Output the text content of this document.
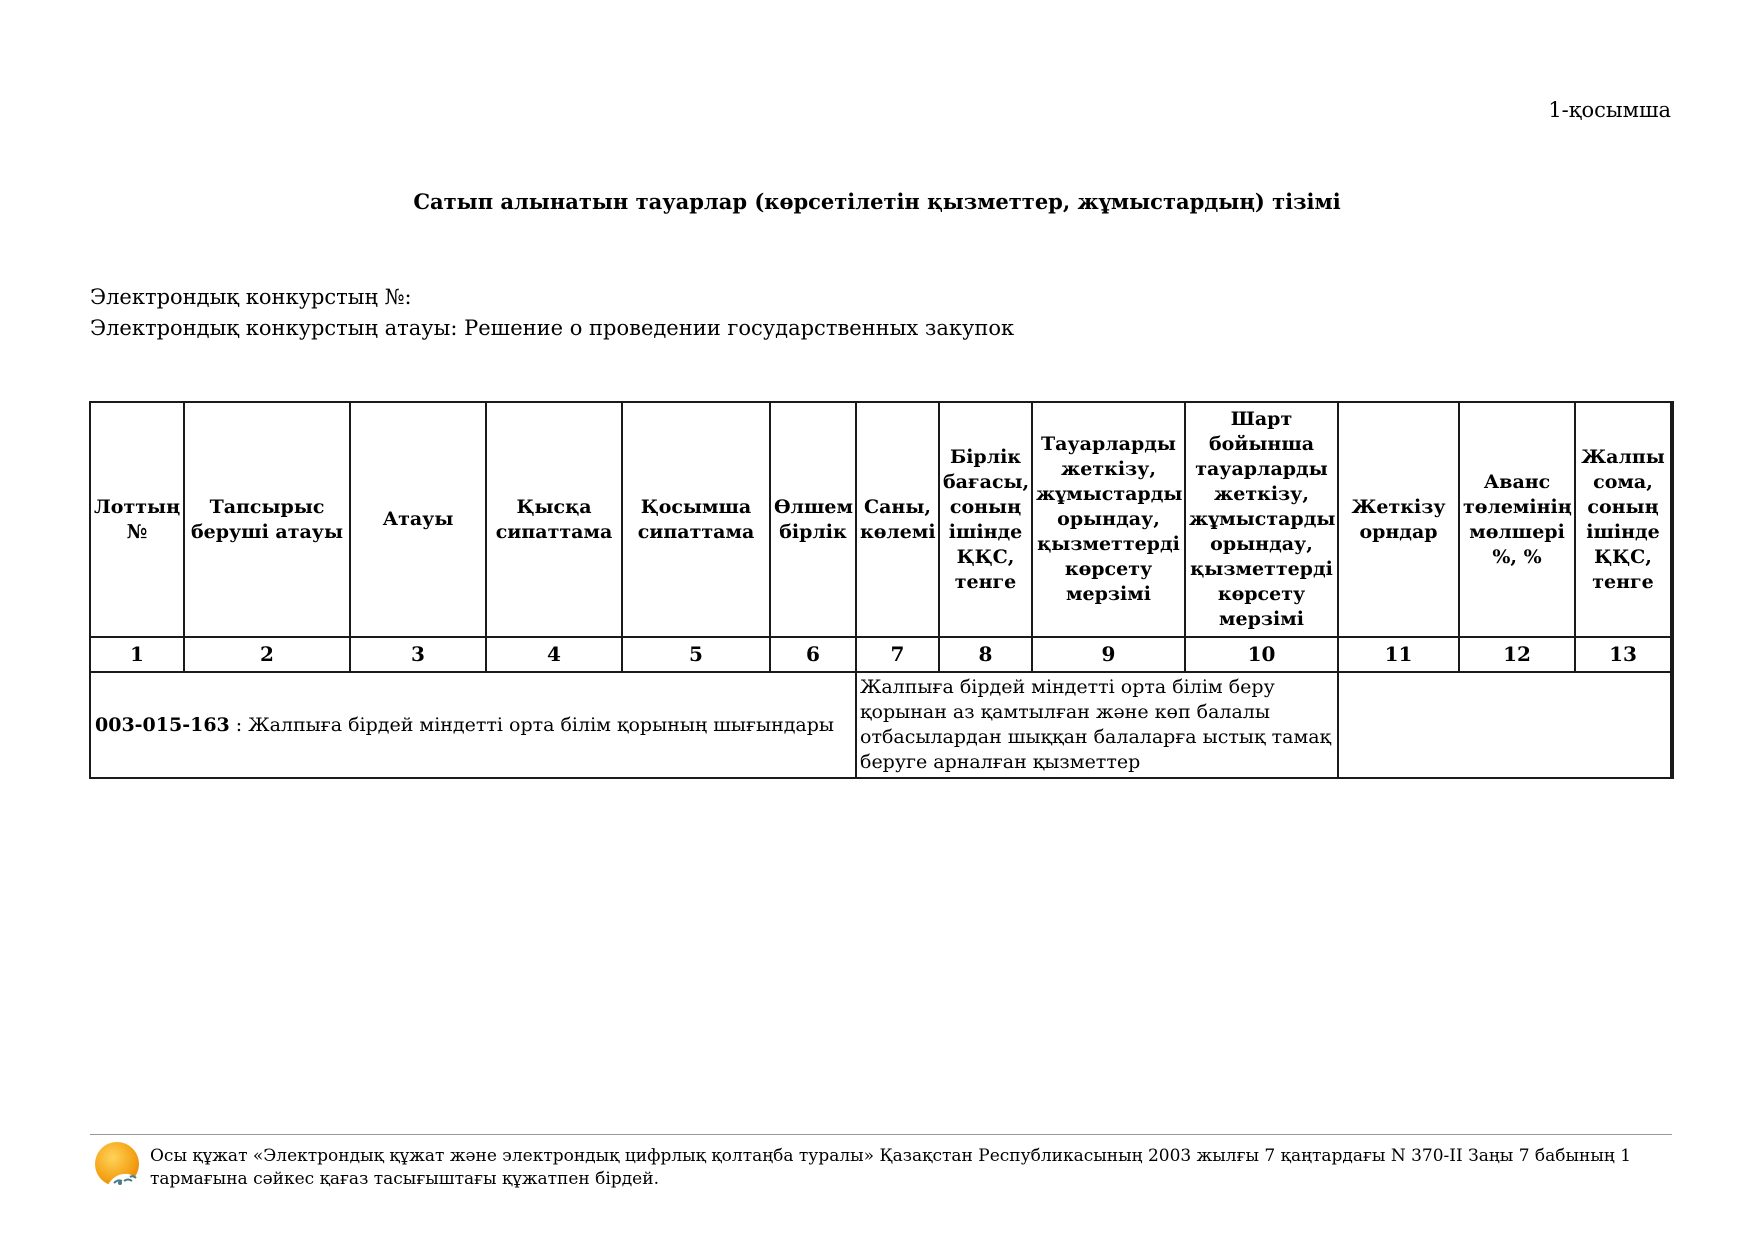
1-қосымша
Сатып алынатын тауарлар (көрсетілетін қызметтер, жұмыстардың) тізімі
Электрондық конкурстың №:
Электрондық конкурстың атауы: Решение о проведении государственных закупок
Лоттың №	Тапсырыс беруші атауы	Атауы	Қысқа сипаттама	Қосымша сипаттама	Өлшем бірлік	Саны, көлемі	Бірлік бағасы, соның ішінде ҚҚС, тенге	Тауарларды жеткізу, жұмыстарды орындау, қызметтерді көрсету мерзімі	Шарт бойынша тауарларды жеткізу, жұмыстарды орындау, қызметтерді көрсету мерзімі	Жеткізу орндар	Аванс төлемінің мөлшері %, %	Жалпы сома, соның ішінде ҚҚС, тенге
1	2	3	4	5	6	7	8	9	10	11	12	13
003-015-163 : Жалпыға бірдей міндетті орта білім қорының шығындары						Жалпыға бірдей міндетті орта білім беру қорынан аз қамтылған және көп балалы отбасылардан шыққан балаларға ыстық тамақ беруге арналған қызметтер						
Осы құжат «Электрондық құжат және электрондық цифрлық қолтаңба туралы» Қазақстан Республикасының 2003 жылғы 7 қаңтардағы N 370-II Заңы 7 бабының 1 тармағына сәйкес қағаз тасығыштағы құжатпен бірдей.
